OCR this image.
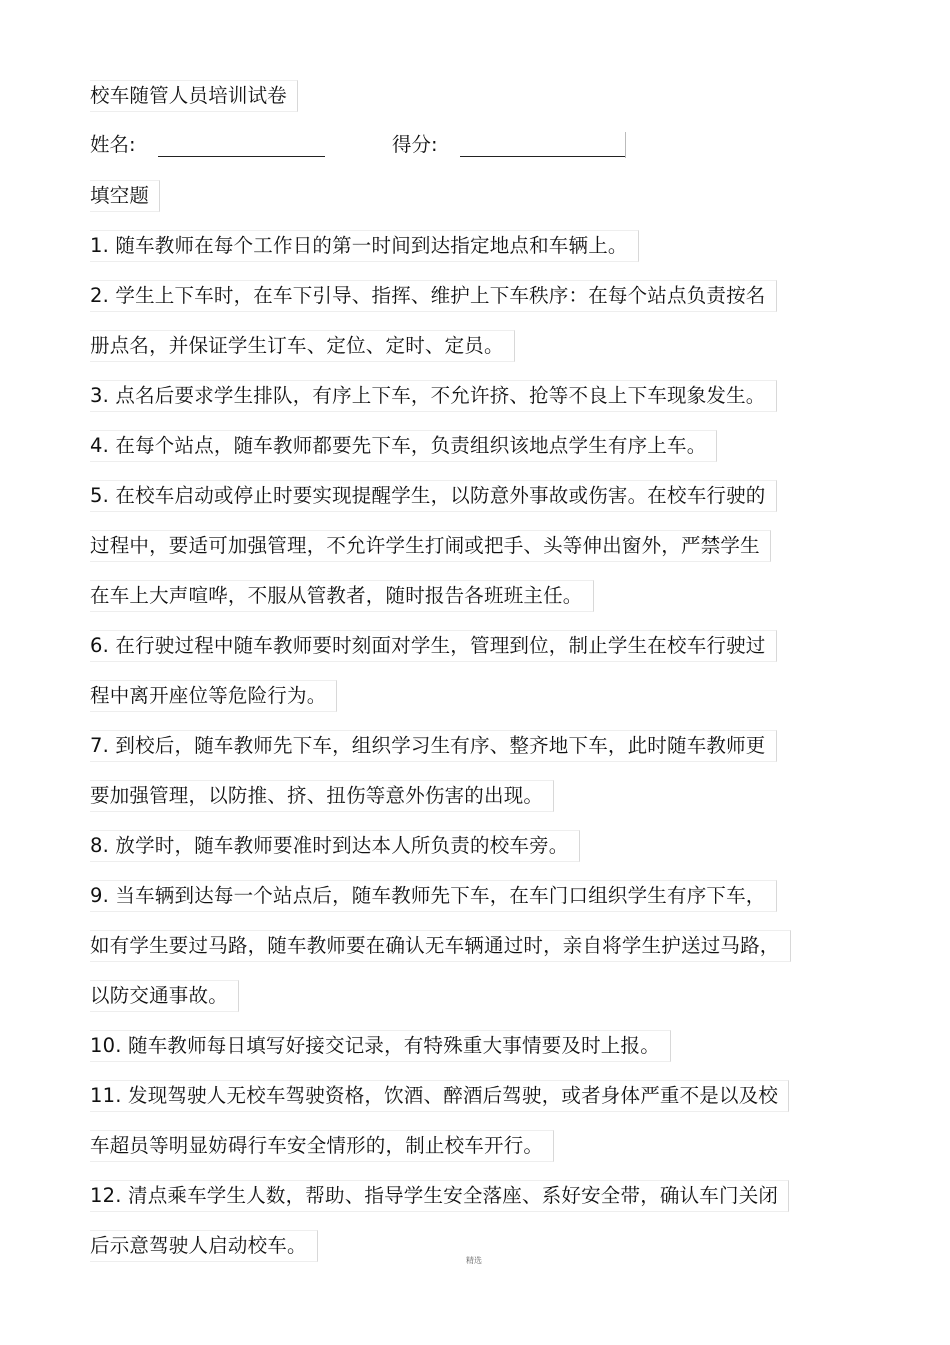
校车随管人员培训试卷
姓名:	得分:
填空题
1. 随车教师在每个工作日的第一时间到达指定地点和车辆上。
2. 学生上下车时，在车下引导、指挥、维护上下车秩序：在每个站点负责按名
册点名，并保证学生订车、定位、定时、定员。
3. 点名后要求学生排队，有序上下车，不允许挤、抢等不良上下车现象发生。
4. 在每个站点，随车教师都要先下车，负责组织该地点学生有序上车。
5. 在校车启动或停止时要实现提醒学生，以防意外事故或伤害。在校车行驶的
过程中，要适可加强管理，不允许学生打闹或把手、头等伸出窗外，严禁学生
在车上大声喧哗，不服从管教者，随时报告各班班主任。
6. 在行驶过程中随车教师要时刻面对学生，管理到位，制止学生在校车行驶过
程中离开座位等危险行为。
7. 到校后，随车教师先下车，组织学习生有序、整齐地下车，此时随车教师更
要加强管理，以防推、挤、扭伤等意外伤害的出现。
8. 放学时，随车教师要准时到达本人所负责的校车旁。
9. 当车辆到达每一个站点后，随车教师先下车，在车门口组织学生有序下车，
如有学生要过马路，随车教师要在确认无车辆通过时，亲自将学生护送过马路，
以防交通事故。
10. 随车教师每日填写好接交记录，有特殊重大事情要及时上报。
11. 发现驾驶人无校车驾驶资格，饮酒、醉酒后驾驶，或者身体严重不是以及校
车超员等明显妨碍行车安全情形的，制止校车开行。
12. 清点乘车学生人数，帮助、指导学生安全落座、系好安全带，确认车门关闭
后示意驾驶人启动校车。
精选
